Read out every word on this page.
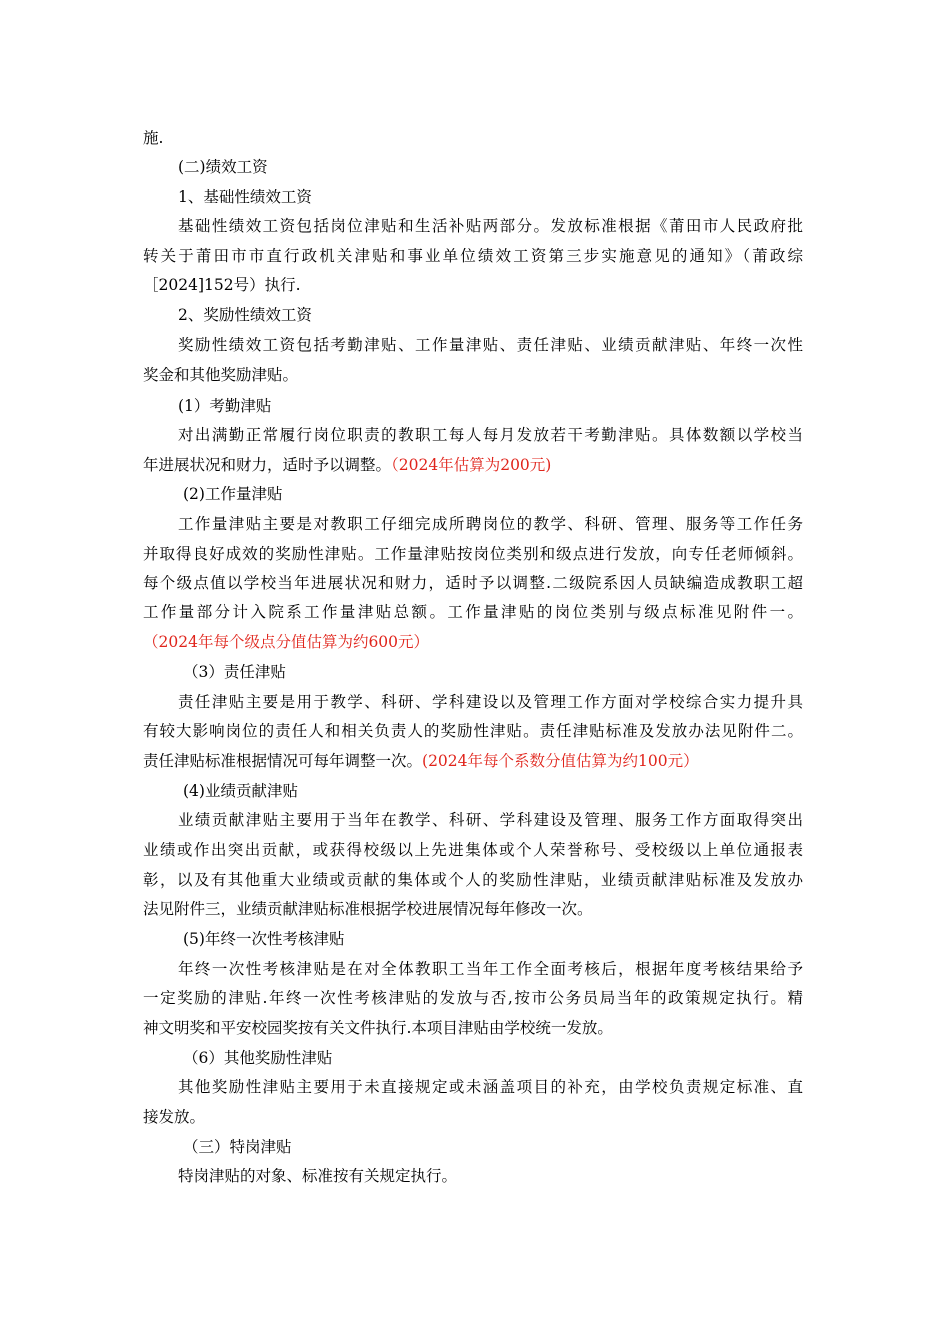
施.
(二)绩效工资
1、基础性绩效工资
基础性绩效工资包括岗位津贴和生活补贴两部分。发放标准根据《莆田市人民政府批
转关于莆田市市直行政机关津贴和事业单位绩效工资第三步实施意见的通知》（莆政综
［2024]152号）执行.
2、奖励性绩效工资
奖励性绩效工资包括考勤津贴、工作量津贴、责任津贴、业绩贡献津贴、年终一次性
奖金和其他奖励津贴。
(1）考勤津贴
对出满勤正常履行岗位职责的教职工每人每月发放若干考勤津贴。具体数额以学校当
年进展状况和财力，适时予以调整。（2024年估算为200元)
(2)工作量津贴
工作量津贴主要是对教职工仔细完成所聘岗位的教学、科研、管理、服务等工作任务
并取得良好成效的奖励性津贴。工作量津贴按岗位类别和级点进行发放，向专任老师倾斜。
每个级点值以学校当年进展状况和财力，适时予以调整.二级院系因人员缺编造成教职工超
工作量部分计入院系工作量津贴总额。工作量津贴的岗位类别与级点标准见附件一。
（2024年每个级点分值估算为约600元）
（3）责任津贴
责任津贴主要是用于教学、科研、学科建设以及管理工作方面对学校综合实力提升具
有较大影响岗位的责任人和相关负责人的奖励性津贴。责任津贴标准及发放办法见附件二。
责任津贴标准根据情况可每年调整一次。(2024年每个系数分值估算为约100元）
(4)业绩贡献津贴
业绩贡献津贴主要用于当年在教学、科研、学科建设及管理、服务工作方面取得突出
业绩或作出突出贡献，或获得校级以上先进集体或个人荣誉称号、受校级以上单位通报表
彰，以及有其他重大业绩或贡献的集体或个人的奖励性津贴，业绩贡献津贴标准及发放办
法见附件三，业绩贡献津贴标准根据学校进展情况每年修改一次。
(5)年终一次性考核津贴
年终一次性考核津贴是在对全体教职工当年工作全面考核后，根据年度考核结果给予
一定奖励的津贴.年终一次性考核津贴的发放与否,按市公务员局当年的政策规定执行。精
神文明奖和平安校园奖按有关文件执行.本项目津贴由学校统一发放。
（6）其他奖励性津贴
其他奖励性津贴主要用于未直接规定或未涵盖项目的补充，由学校负责规定标准、直
接发放。
（三）特岗津贴
特岗津贴的对象、标准按有关规定执行。
